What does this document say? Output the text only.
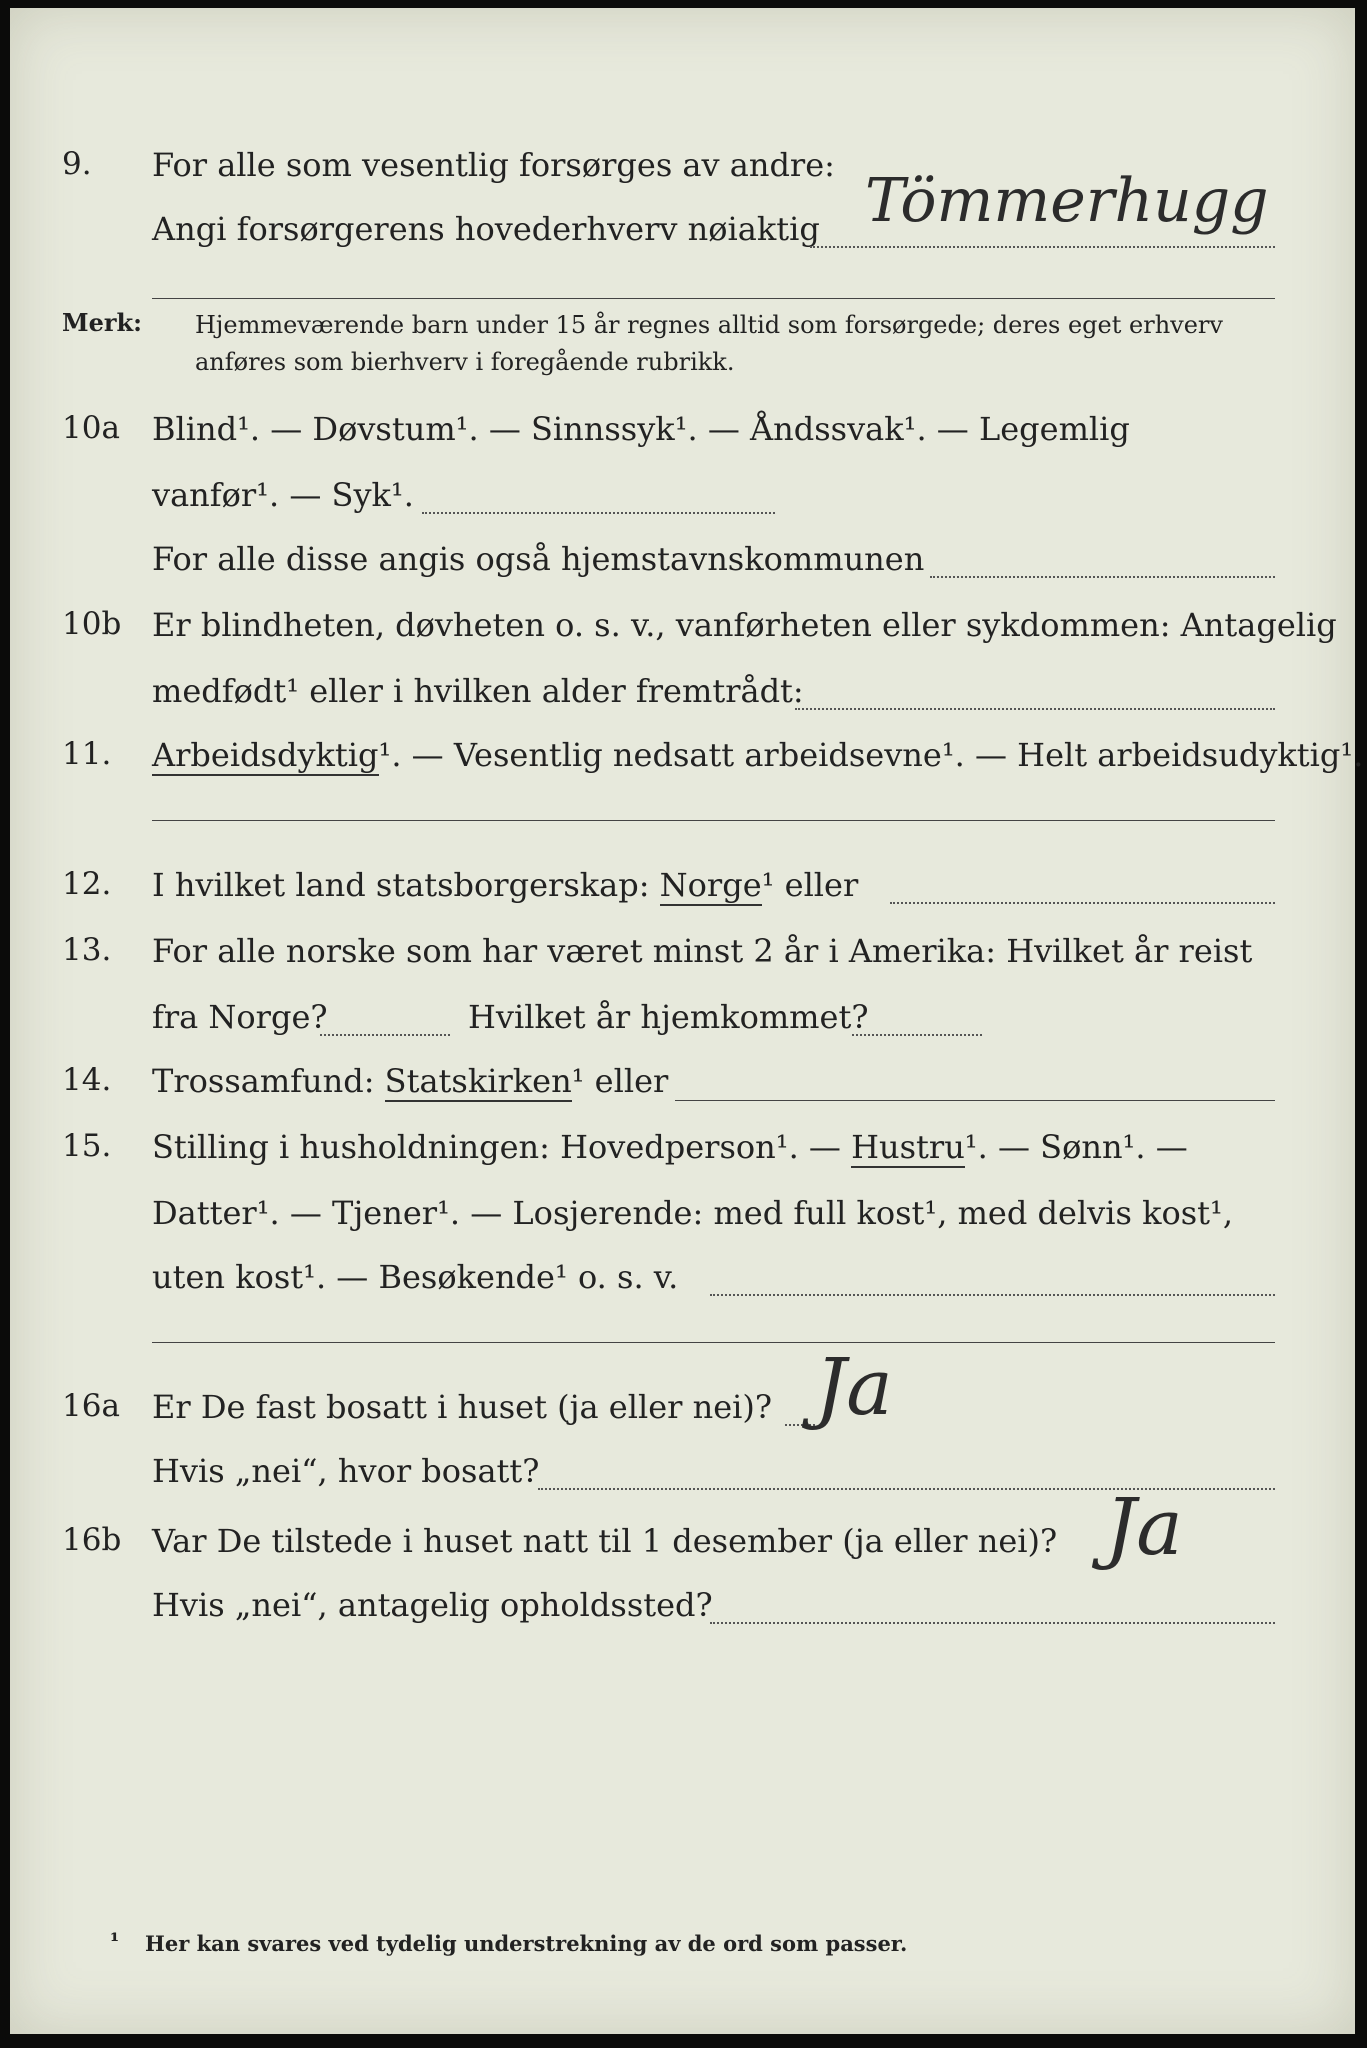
9. For alle som vesentlig forsørges av andre:
Angi forsørgerens hovederhverv nøiaktig Tömmerhugg
Merk: Hjemmeværende barn under 15 år regnes alltid som forsørgede; deres eget erhverv
anføres som bierhverv i foregående rubrikk.
10a Blind¹. — Døvstum¹. — Sinnssyk¹. — Åndssvak¹. — Legemlig
vanfør¹. — Syk¹.
For alle disse angis også hjemstavnskommunen
10b Er blindheten, døvheten o. s. v., vanførheten eller sykdommen: Antagelig
medfødt¹ eller i hvilken alder fremtrådt:
11. Arbeidsdyktig¹. — Vesentlig nedsatt arbeidsevne¹. — Helt arbeidsudyktig¹.
12. I hvilket land statsborgerskap: Norge¹ eller
13. For alle norske som har været minst 2 år i Amerika: Hvilket år reist
fra Norge?	Hvilket år hjemkommet?
14. Trossamfund: Statskirken¹ eller
15. Stilling i husholdningen: Hovedperson¹. — Hustru¹. — Sønn¹. —
Datter¹. — Tjener¹. — Losjerende: med full kost¹, med delvis kost¹,
uten kost¹. — Besøkende¹ o. s. v.
16a Er De fast bosatt i huset (ja eller nei)?
Hvis „nei“, hvor bosatt?
Ja
16b Var De tilstede i huset natt til 1 desember (ja eller nei)?
Hvis „nei“, antagelig opholdssted?
Ja
¹ Her kan svares ved tydelig understrekning av de ord som passer.
